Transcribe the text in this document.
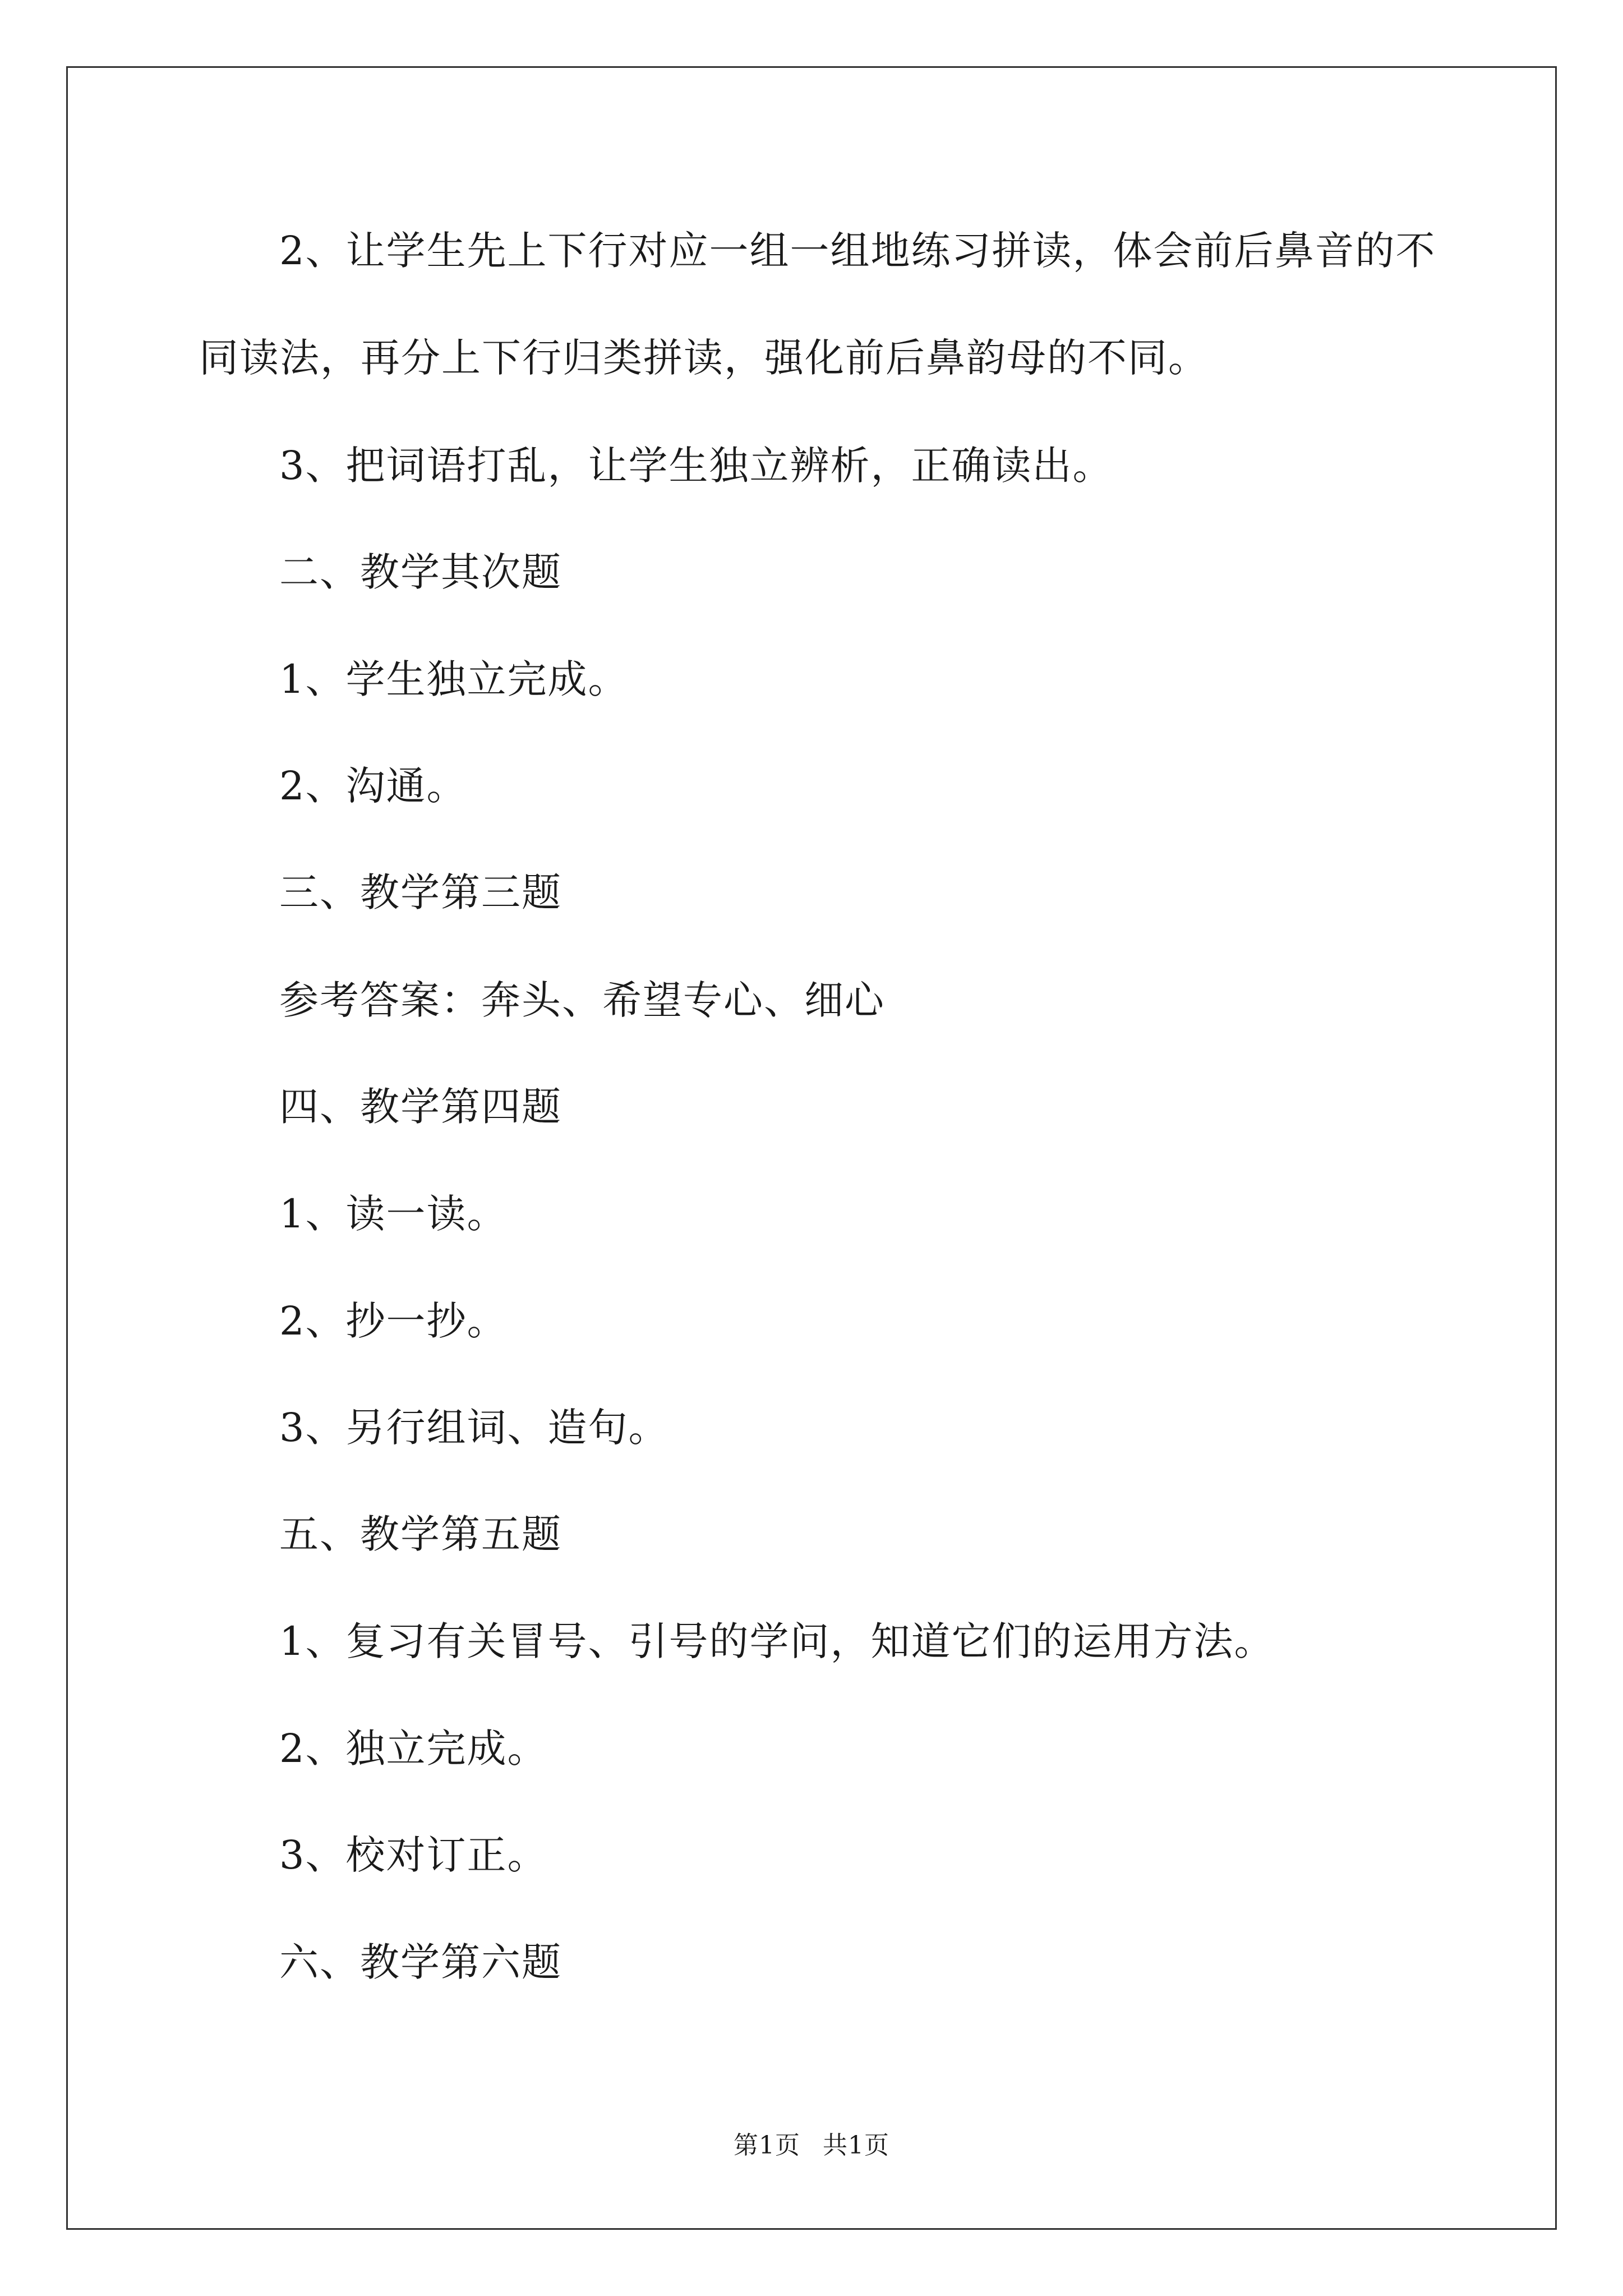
2、让学生先上下行对应一组一组地练习拼读，体会前后鼻音的不
同读法，再分上下行归类拼读，强化前后鼻韵母的不同。
3、把词语打乱，让学生独立辨析，正确读出。
二、教学其次题
1、学生独立完成。
2、沟通。
三、教学第三题
参考答案：奔头、希望专心、细心
四、教学第四题
1、读一读。
2、抄一抄。
3、另行组词、造句。
五、教学第五题
1、复习有关冒号、引号的学问，知道它们的运用方法。
2、独立完成。
3、校对订正。
六、教学第六题
第1页 共1页
